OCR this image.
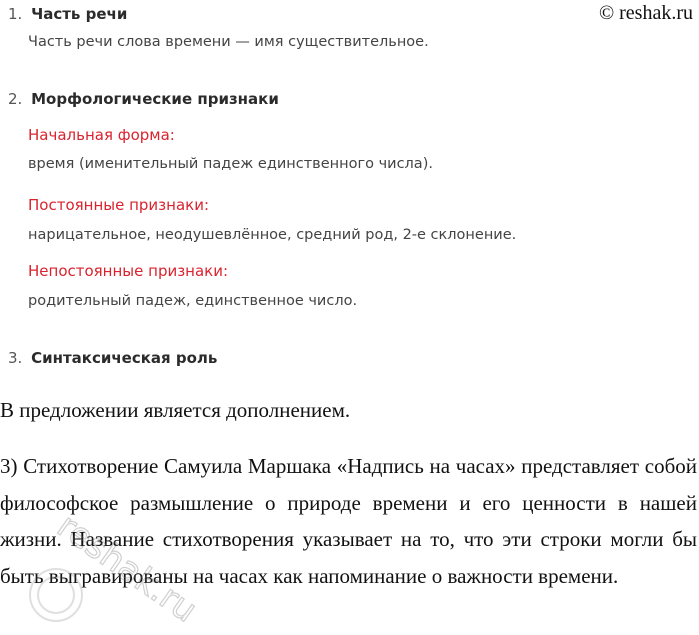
© reshak.ru
1. Часть речи
Часть речи слова времени — имя существительное.
2. Морфологические признаки
Начальная форма:
время (именительный падеж единственного числа).
Постоянные признаки:
нарицательное, неодушевлённое, средний род, 2-е склонение.
Непостоянные признаки:
родительный падеж, единственное число.
3. Синтаксическая роль
В предложении является дополнением.
3) Стихотворение Самуила Маршака «Надпись на часах» представляет собой философское размышление о природе времени и его ценности в нашей жизни. Название стихотворения указывает на то, что эти строки могли бы быть выгравированы на часах как напоминание о важности времени.
reshak.ru
